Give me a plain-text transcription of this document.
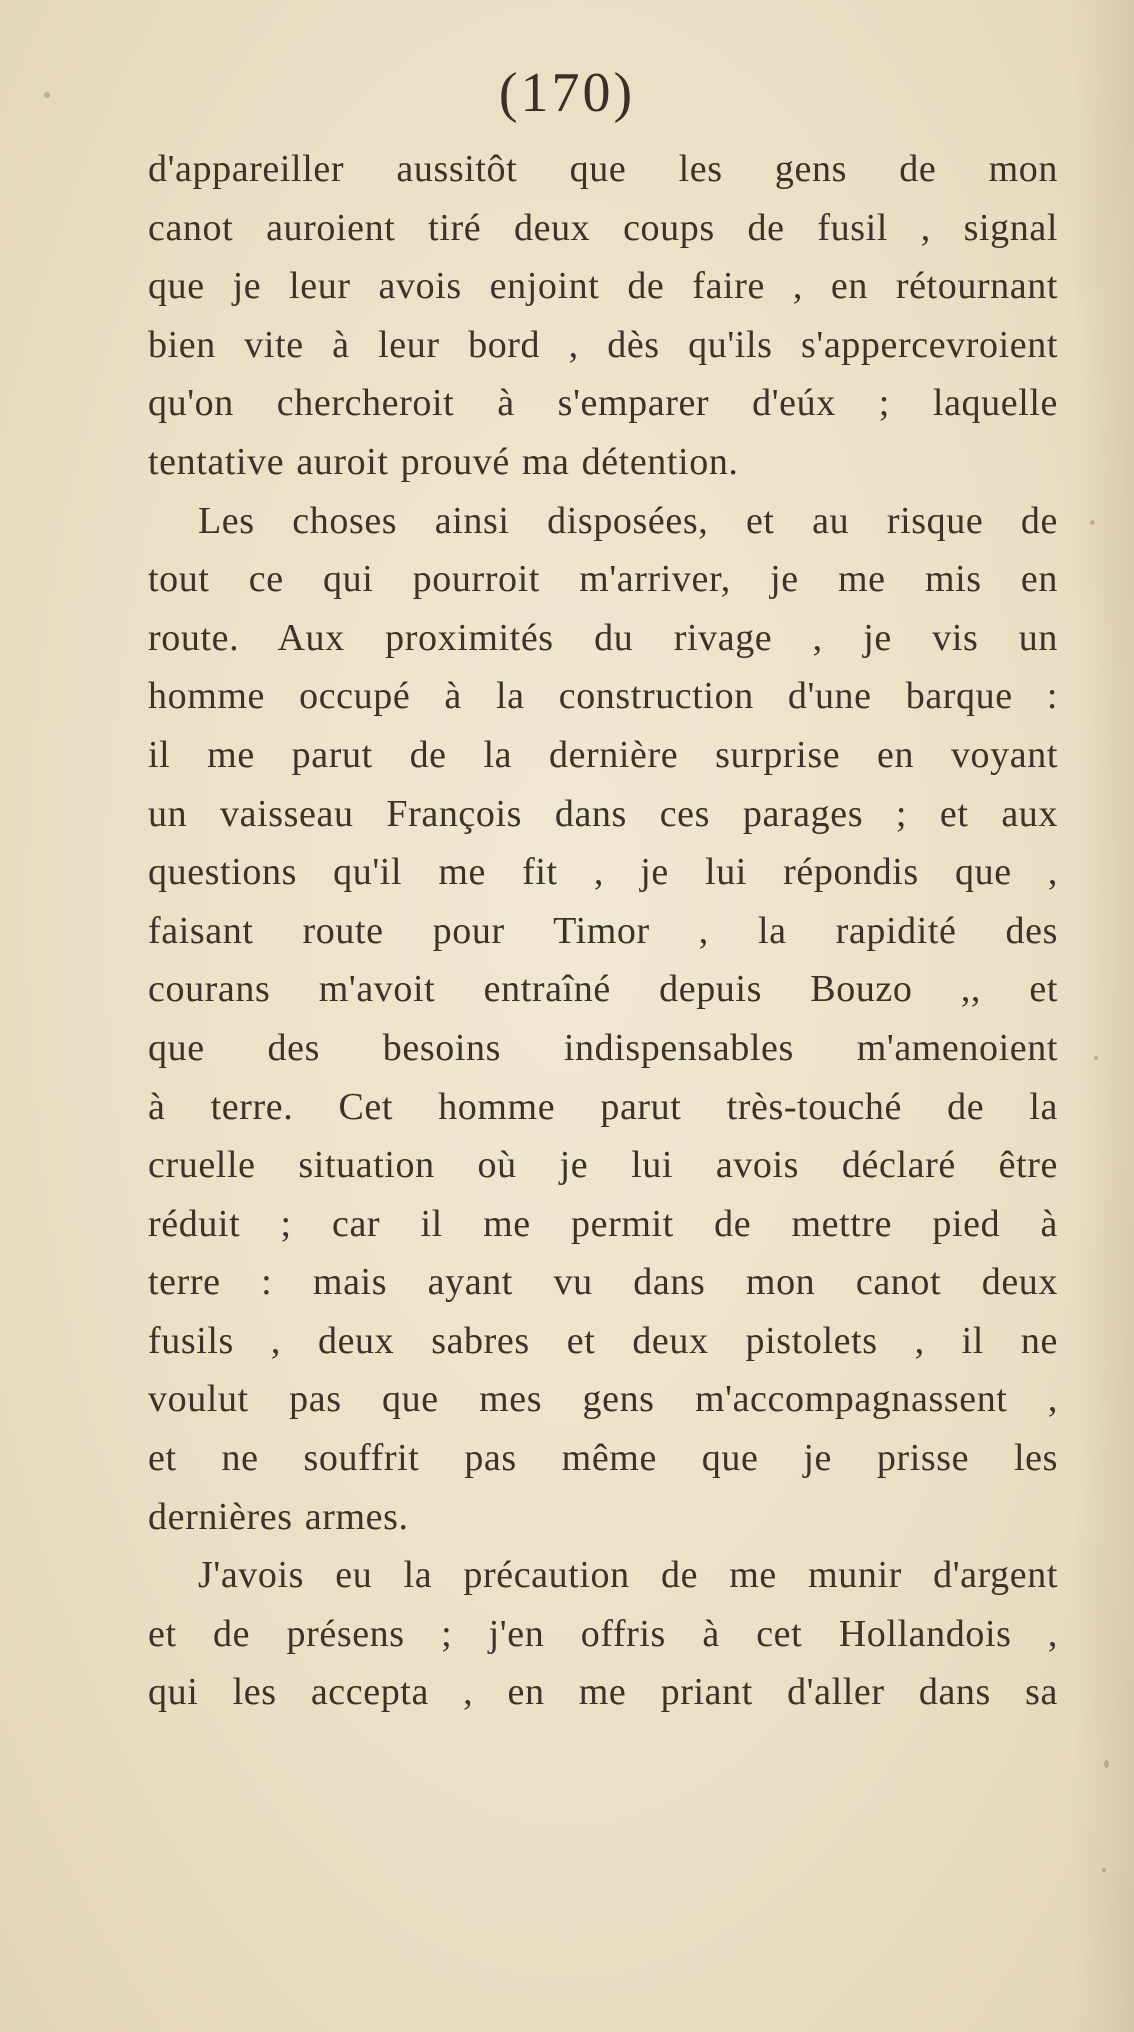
(170)
d'appareiller aussitôt que les gens de mon
canot auroient tiré deux coups de fusil , signal
que je leur avois enjoint de faire , en rétournant
bien vite à leur bord , dès qu'ils s'appercevroient
qu'on chercheroit à s'emparer d'eúx ; laquelle
tentative auroit prouvé ma détention.
Les choses ainsi disposées, et au risque de
tout ce qui pourroit m'arriver, je me mis en
route. Aux proximités du rivage , je vis un
homme occupé à la construction d'une barque :
il me parut de la dernière surprise en voyant
un vaisseau François dans ces parages ; et aux
questions qu'il me fit , je lui répondis que ,
faisant route pour Timor , la rapidité des
courans m'avoit entraîné depuis Bouzo ,, et
que des besoins indispensables m'amenoient
à terre. Cet homme parut très-touché de la
cruelle situation où je lui avois déclaré être
réduit ; car il me permit de mettre pied à
terre : mais ayant vu dans mon canot deux
fusils , deux sabres et deux pistolets , il ne
voulut pas que mes gens m'accompagnassent ,
et ne souffrit pas même que je prisse les
dernières armes.
J'avois eu la précaution de me munir d'argent
et de présens ; j'en offris à cet Hollandois ,
qui les accepta , en me priant d'aller dans sa
